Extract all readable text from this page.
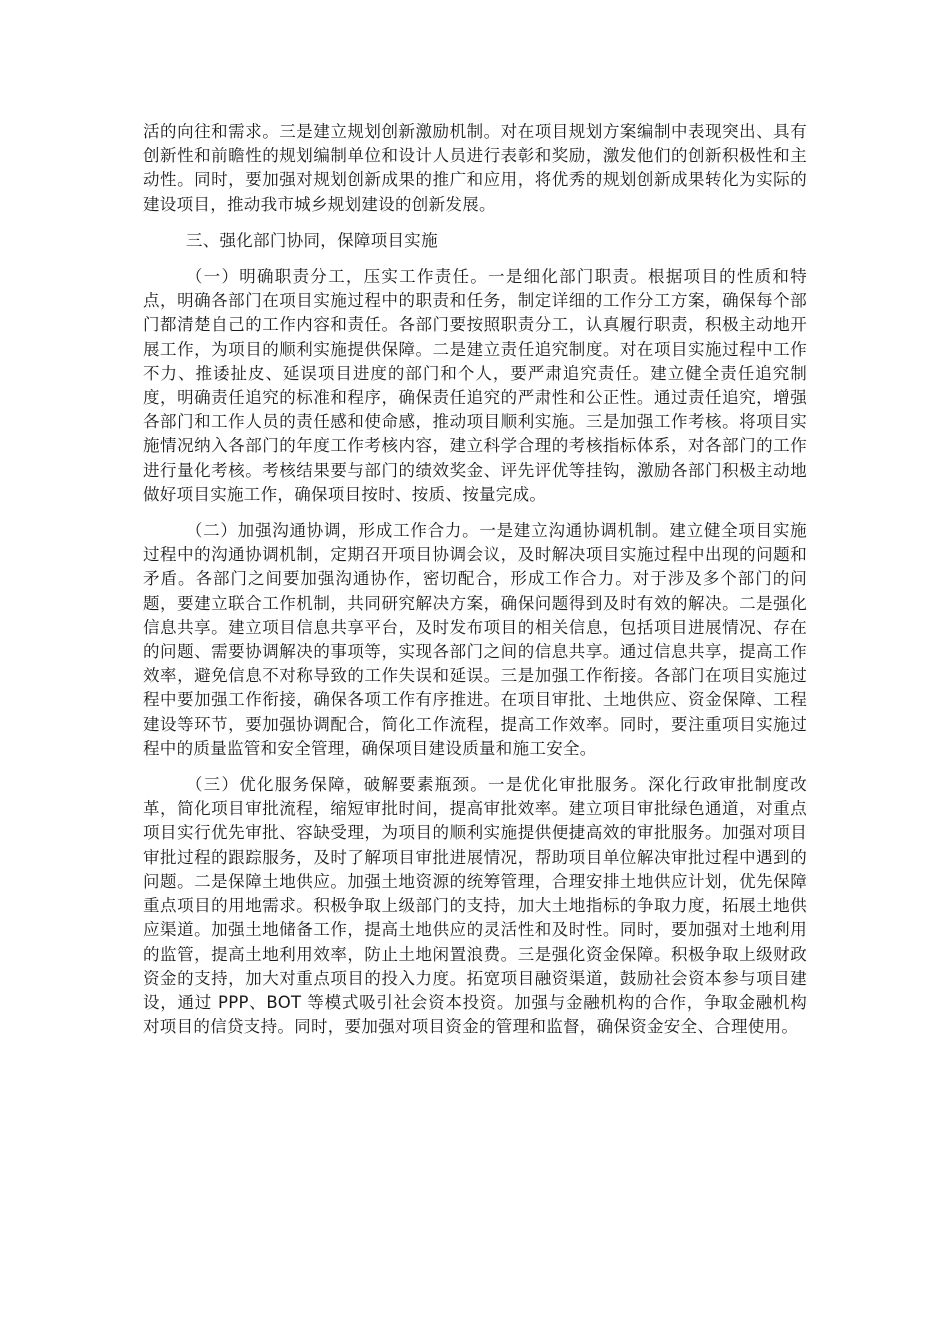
活的向往和需求。三是建立规划创新激励机制。对在项目规划方案编制中表现突出、具有创新性和前瞻性的规划编制单位和设计人员进行表彰和奖励，激发他们的创新积极性和主动性。同时，要加强对规划创新成果的推广和应用，将优秀的规划创新成果转化为实际的建设项目，推动我市城乡规划建设的创新发展。

三、强化部门协同，保障项目实施

（一）明确职责分工，压实工作责任。一是细化部门职责。根据项目的性质和特点，明确各部门在项目实施过程中的职责和任务，制定详细的工作分工方案，确保每个部门都清楚自己的工作内容和责任。各部门要按照职责分工，认真履行职责，积极主动地开展工作，为项目的顺利实施提供保障。二是建立责任追究制度。对在项目实施过程中工作不力、推诿扯皮、延误项目进度的部门和个人，要严肃追究责任。建立健全责任追究制度，明确责任追究的标准和程序，确保责任追究的严肃性和公正性。通过责任追究，增强各部门和工作人员的责任感和使命感，推动项目顺利实施。三是加强工作考核。将项目实施情况纳入各部门的年度工作考核内容，建立科学合理的考核指标体系，对各部门的工作进行量化考核。考核结果要与部门的绩效奖金、评先评优等挂钩，激励各部门积极主动地做好项目实施工作，确保项目按时、按质、按量完成。

（二）加强沟通协调，形成工作合力。一是建立沟通协调机制。建立健全项目实施过程中的沟通协调机制，定期召开项目协调会议，及时解决项目实施过程中出现的问题和矛盾。各部门之间要加强沟通协作，密切配合，形成工作合力。对于涉及多个部门的问题，要建立联合工作机制，共同研究解决方案，确保问题得到及时有效的解决。二是强化信息共享。建立项目信息共享平台，及时发布项目的相关信息，包括项目进展情况、存在的问题、需要协调解决的事项等，实现各部门之间的信息共享。通过信息共享，提高工作效率，避免信息不对称导致的工作失误和延误。三是加强工作衔接。各部门在项目实施过程中要加强工作衔接，确保各项工作有序推进。在项目审批、土地供应、资金保障、工程建设等环节，要加强协调配合，简化工作流程，提高工作效率。同时，要注重项目实施过程中的质量监管和安全管理，确保项目建设质量和施工安全。

（三）优化服务保障，破解要素瓶颈。一是优化审批服务。深化行政审批制度改革，简化项目审批流程，缩短审批时间，提高审批效率。建立项目审批绿色通道，对重点项目实行优先审批、容缺受理，为项目的顺利实施提供便捷高效的审批服务。加强对项目审批过程的跟踪服务，及时了解项目审批进展情况，帮助项目单位解决审批过程中遇到的问题。二是保障土地供应。加强土地资源的统筹管理，合理安排土地供应计划，优先保障重点项目的用地需求。积极争取上级部门的支持，加大土地指标的争取力度，拓展土地供应渠道。加强土地储备工作，提高土地供应的灵活性和及时性。同时，要加强对土地利用的监管，提高土地利用效率，防止土地闲置浪费。三是强化资金保障。积极争取上级财政资金的支持，加大对重点项目的投入力度。拓宽项目融资渠道，鼓励社会资本参与项目建设，通过 PPP、BOT 等模式吸引社会资本投资。加强与金融机构的合作，争取金融机构对项目的信贷支持。同时，要加强对项目资金的管理和监督，确保资金安全、合理使用。
